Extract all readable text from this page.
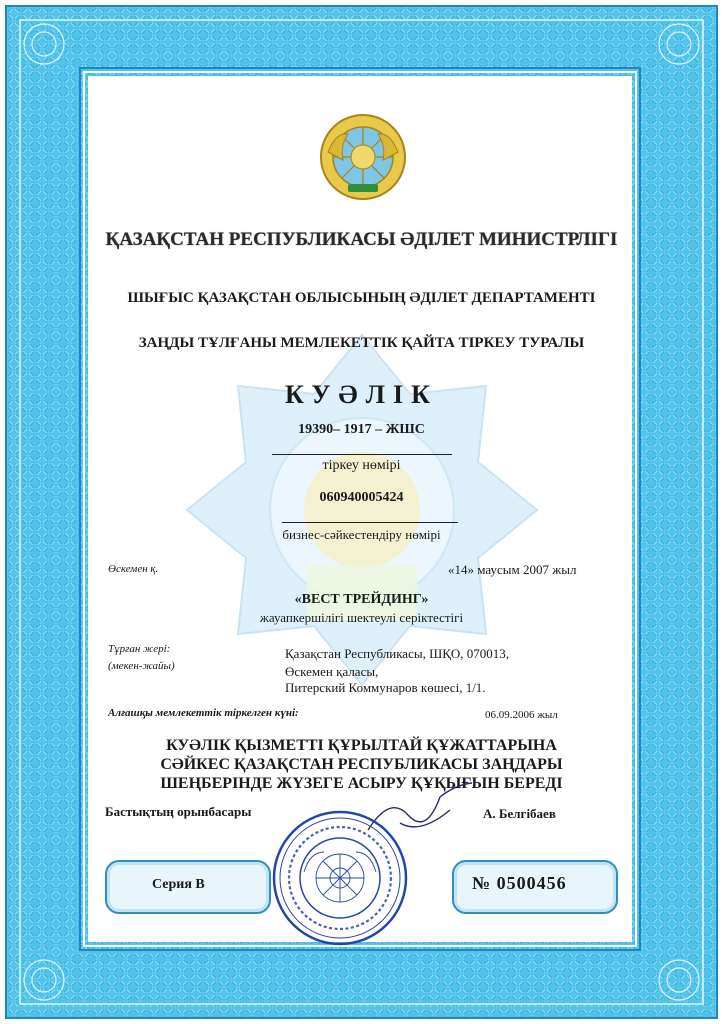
ҚАЗАҚСТАН РЕСПУБЛИКАСЫ ӘДІЛЕТ МИНИСТРЛІГІ
ШЫҒЫС ҚАЗАҚСТАН ОБЛЫСЫНЫҢ ӘДІЛЕТ ДЕПАРТАМЕНТІ
ЗАҢДЫ ТҰЛҒАНЫ МЕМЛЕКЕТТІК ҚАЙТА ТІРКЕУ ТУРАЛЫ
КУӘЛІК
19390– 1917 – ЖШС
тіркеу нөмірі
060940005424
бизнес-сәйкестендіру нөмірі
Өскемен қ.	«14» маусым 2007 жыл
«ВЕСТ ТРЕЙДИНГ»
жауапкершілігі шектеулі серіктестігі
Тұрған жері:
(мекен-жайы)
Қазақстан Республикасы, ШҚО, 070013,
Өскемен қаласы,
Питерский Коммунаров көшесі, 1/1.
Алғашқы мемлекеттік тіркелген күні:	06.09.2006 жыл
КУӘЛІК ҚЫЗМЕТТІ ҚҰРЫЛТАЙ ҚҰЖАТТАРЫНА
СӘЙКЕС ҚАЗАҚСТАН РЕСПУБЛИКАСЫ ЗАҢДАРЫ
ШЕҢБЕРІНДЕ ЖҮЗЕГЕ АСЫРУ ҚҰҚЫҒЫН БЕРЕДІ
Бастықтың орынбасары	А. Белгібаев
Серия В	№ 0500456
